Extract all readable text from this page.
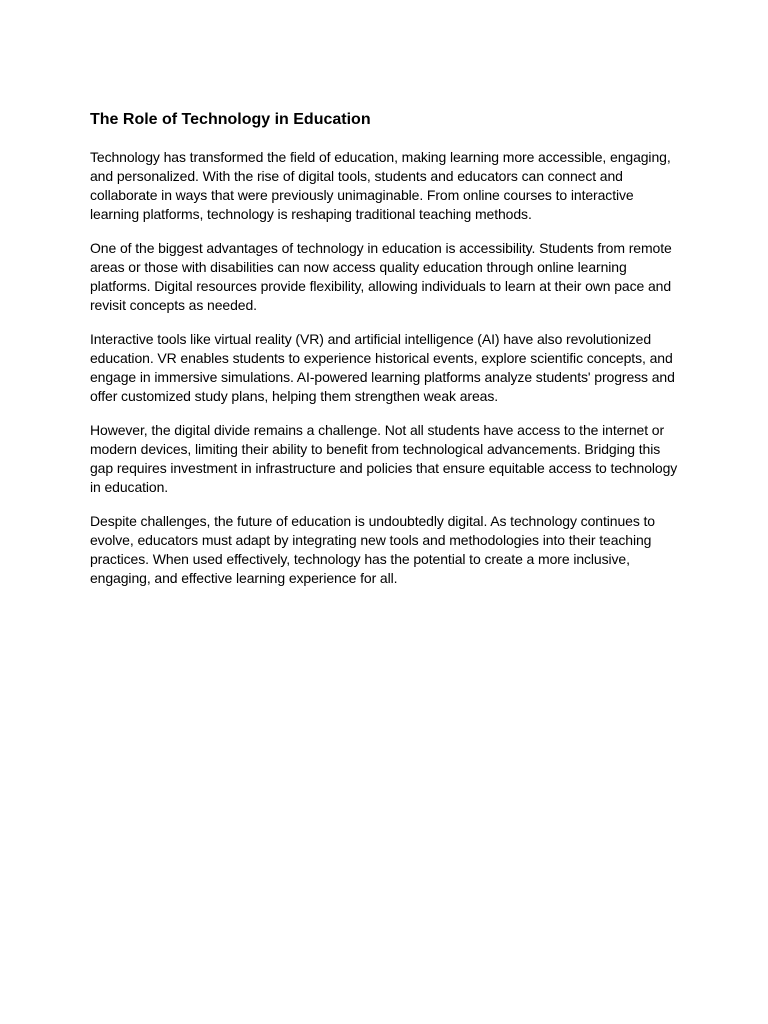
The Role of Technology in Education

Technology has transformed the field of education, making learning more accessible, engaging, and personalized. With the rise of digital tools, students and educators can connect and collaborate in ways that were previously unimaginable. From online courses to interactive learning platforms, technology is reshaping traditional teaching methods.

One of the biggest advantages of technology in education is accessibility. Students from remote areas or those with disabilities can now access quality education through online learning platforms. Digital resources provide flexibility, allowing individuals to learn at their own pace and revisit concepts as needed.

Interactive tools like virtual reality (VR) and artificial intelligence (AI) have also revolutionized education. VR enables students to experience historical events, explore scientific concepts, and engage in immersive simulations. AI-powered learning platforms analyze students' progress and offer customized study plans, helping them strengthen weak areas.

However, the digital divide remains a challenge. Not all students have access to the internet or modern devices, limiting their ability to benefit from technological advancements. Bridging this gap requires investment in infrastructure and policies that ensure equitable access to technology in education.

Despite challenges, the future of education is undoubtedly digital. As technology continues to evolve, educators must adapt by integrating new tools and methodologies into their teaching practices. When used effectively, technology has the potential to create a more inclusive, engaging, and effective learning experience for all.
